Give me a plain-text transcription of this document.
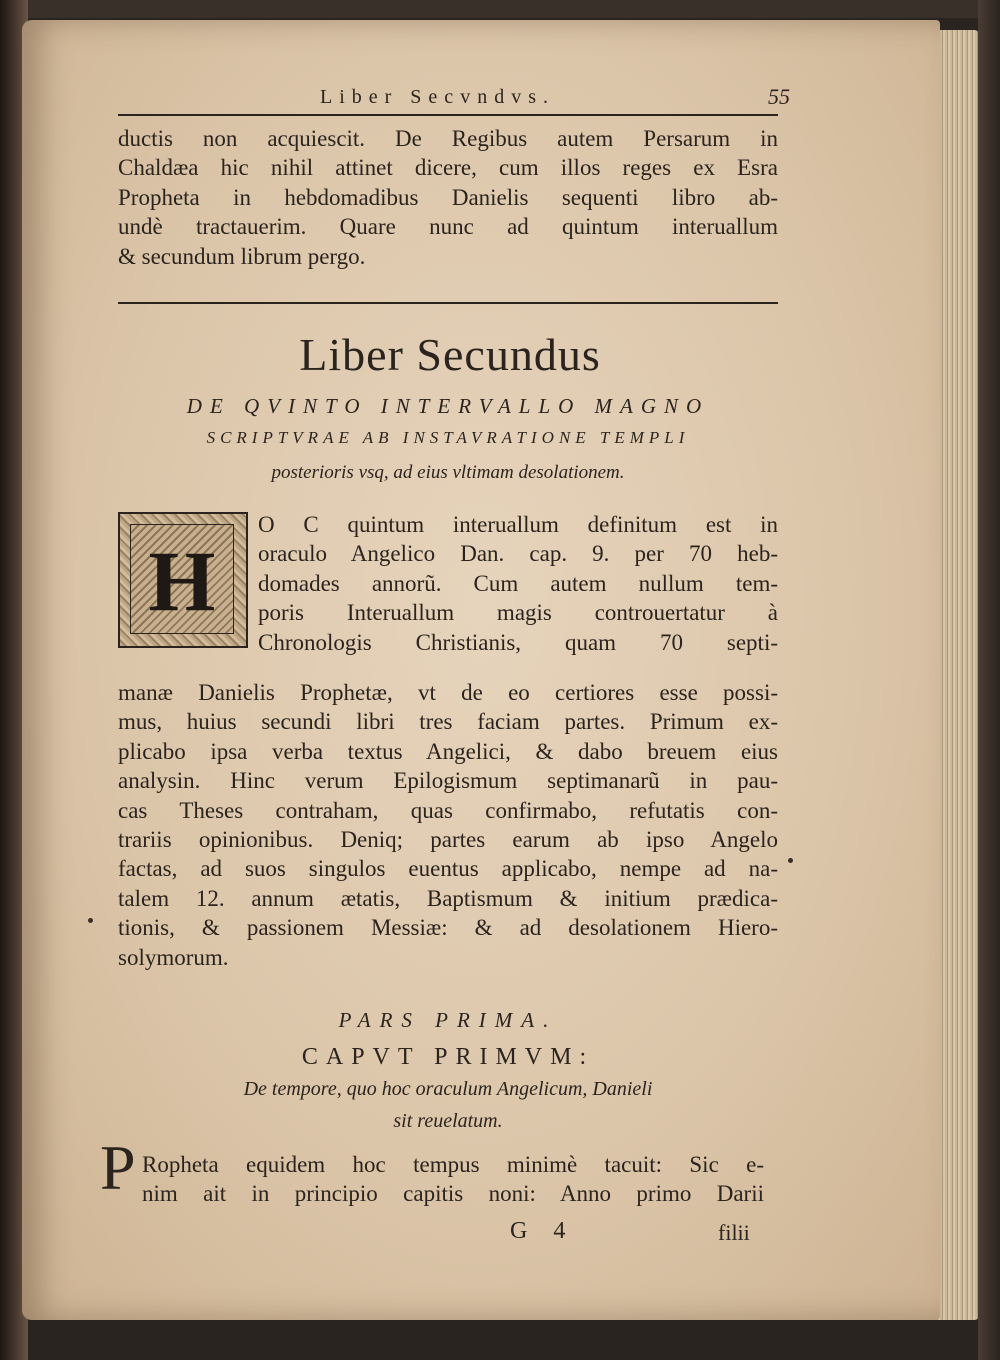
Liber Secvndvs.	55
ductis non acquiescit. De Regibus autem Persarum in
Chaldæa hic nihil attinet dicere, cum illos reges ex Esra
Propheta in hebdomadibus Danielis sequenti libro ab-
undè tractauerim. Quare nunc ad quintum interuallum
& secundum librum pergo.
Liber Secundus
DE QVINTO INTERVALLO MAGNO
SCRIPTVRAE AB INSTAVRATIONE TEMPLI
posterioris vsq, ad eius vltimam desolationem.
H
O C quintum interuallum definitum est in
oraculo Angelico Dan. cap. 9. per 70 heb-
domades annorũ. Cum autem nullum tem-
poris Interuallum magis controuertatur à
Chronologis Christianis, quam 70 septi-
manæ Danielis Prophetæ, vt de eo certiores esse possi-
mus, huius secundi libri tres faciam partes. Primum ex-
plicabo ipsa verba textus Angelici, & dabo breuem eius
analysin. Hinc verum Epilogismum septimanarũ in pau-
cas Theses contraham, quas confirmabo, refutatis con-
trariis opinionibus. Deniq; partes earum ab ipso Angelo
factas, ad suos singulos euentus applicabo, nempe ad na-
talem 12. annum ætatis, Baptismum & initium prædica-
tionis, & passionem Messiæ: & ad desolationem Hiero-
solymorum.
PARS PRIMA.
CAPVT PRIMVM:
De tempore, quo hoc oraculum Angelicum, Danieli
sit reuelatum.
P Ropheta equidem hoc tempus minimè tacuit: Sic e-
nim ait in principio capitis noni: Anno primo Darii
G 4	filii
